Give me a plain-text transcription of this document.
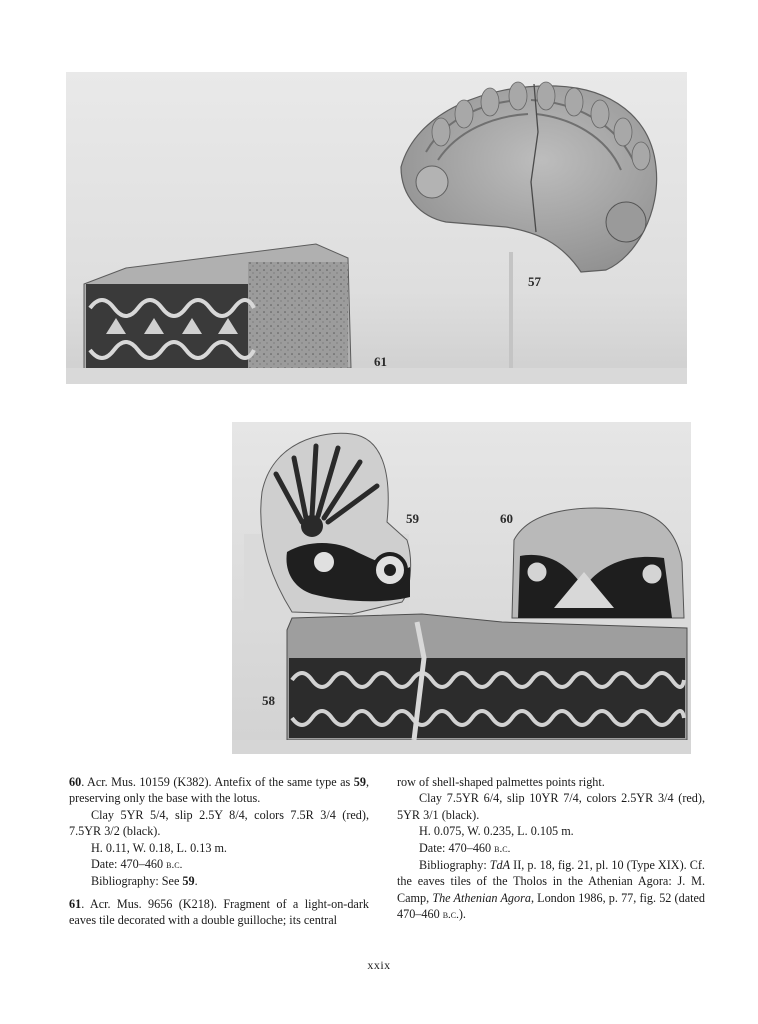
57
61
59	60
58

60. Acr. Mus. 10159 (K382). Antefix of the same type as 59, preserving only the base with the lotus.

Clay 5YR 5/4, slip 2.5Y 8/4, colors 7.5R 3/4 (red), 7.5YR 3/2 (black).

H. 0.11, W. 0.18, L. 0.13 m.

Date: 470–460 b.c.

Bibliography: See 59.

61. Acr. Mus. 9656 (K218). Fragment of a light-on-dark eaves tile decorated with a double guilloche; its central

row of shell-shaped palmettes points right.

Clay 7.5YR 6/4, slip 10YR 7/4, colors 2.5YR 3/4 (red), 5YR 3/1 (black).

H. 0.075, W. 0.235, L. 0.105 m.

Date: 470–460 b.c.

Bibliography: TdA II, p. 18, fig. 21, pl. 10 (Type XIX). Cf. the eaves tiles of the Tholos in the Athenian Agora: J. M. Camp, The Athenian Agora, London 1986, p. 77, fig. 52 (dated 470–460 b.c.).

xxix
